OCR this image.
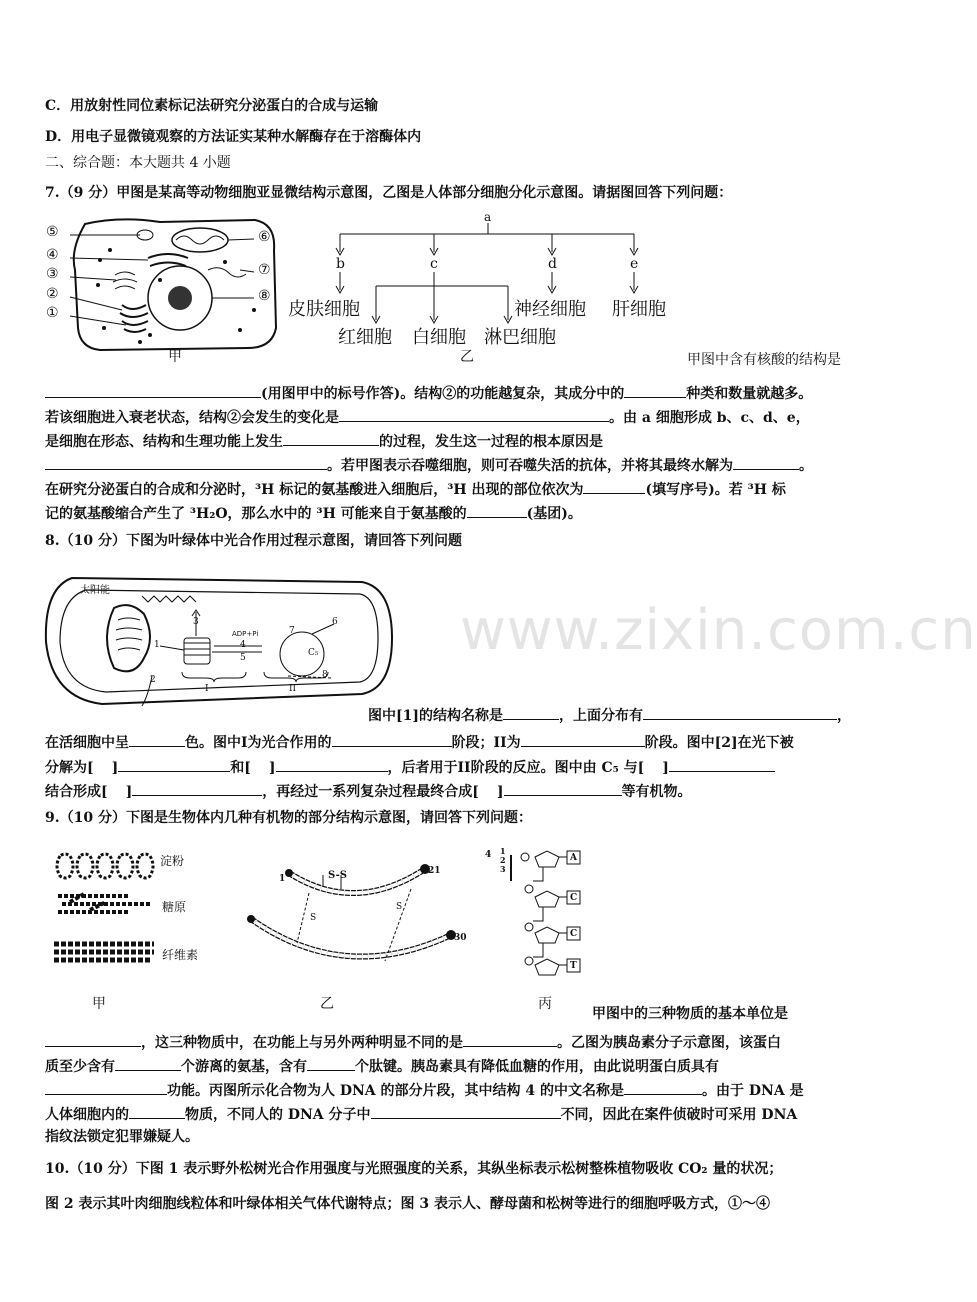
C．用放射性同位素标记法研究分泌蛋白的合成与运输
D．用电子显微镜观察的方法证实某种水解酶存在于溶酶体内
二、综合题：本大题共 4 小题
7.（9 分）甲图是某高等动物细胞亚显微结构示意图，乙图是人体部分细胞分化示意图。请据图回答下列问题：
⑤
④
③
②
①
⑥
⑦
⑧
甲
a
b	c	d	e
皮肤细胞	神经细胞 肝细胞
红细胞 白细胞 淋巴细胞
乙	甲图中含有核酸的结构是
(用图甲中的标号作答)。结构②的功能越复杂，其成分中的	种类和数量就越多。
若该细胞进入衰老状态，结构②会发生的变化是	。由 a 细胞形成 b、c、d、e，
是细胞在形态、结构和生理功能上发生	的过程，发生这一过程的根本原因是
。若甲图表示吞噬细胞，则可吞噬失活的抗体，并将其最终水解为	。
在研究分泌蛋白的合成和分泌时，³H 标记的氨基酸进入细胞后，³H 出现的部位依次为	(填写序号)。若 ³H 标
记的氨基酸缩合产生了 ³H₂O，那么水中的 ³H 可能来自于氨基酸的	(基团)。
8.（10 分）下图为叶绿体中光合作用过程示意图，请回答下列问题
太阳能
1
2
3
4
5
6
7
8
ADP+Pi
C₅
I	II
图中[1]的结构名称是	，上面分布有	，
在活细胞中呈	色。图中I为光合作用的	阶段；II为	阶段。图中[2]在光下被
分解为[ ]	和[ ]	，后者用于II阶段的反应。图中由 C₅ 与[ ]
结合形成[ ]	，再经过一系列复杂过程最终合成[ ]	等有机物。
9.（10 分）下图是生物体内几种有机物的部分结构示意图，请回答下列问题：
淀粉
糖原
纤维素
甲
1
21
30
S-S
S
S
乙
A
C
C
T
4 1
2
3
丙
甲图中的三种物质的基本单位是
，这三种物质中，在功能上与另外两种明显不同的是	。乙图为胰岛素分子示意图，该蛋白
质至少含有	个游离的氨基，含有	个肽键。胰岛素具有降低血糖的作用，由此说明蛋白质具有
功能。丙图所示化合物为人 DNA 的部分片段，其中结构 4 的中文名称是	。由于 DNA 是
人体细胞内的	物质，不同人的 DNA 分子中	不同，因此在案件侦破时可采用 DNA
指纹法锁定犯罪嫌疑人。
10.（10 分）下图 1 表示野外松树光合作用强度与光照强度的关系，其纵坐标表示松树整株植物吸收 CO₂ 量的状况；
图 2 表示其叶肉细胞线粒体和叶绿体相关气体代谢特点；图 3 表示人、酵母菌和松树等进行的细胞呼吸方式，①～④
www.zixin.com.cn
